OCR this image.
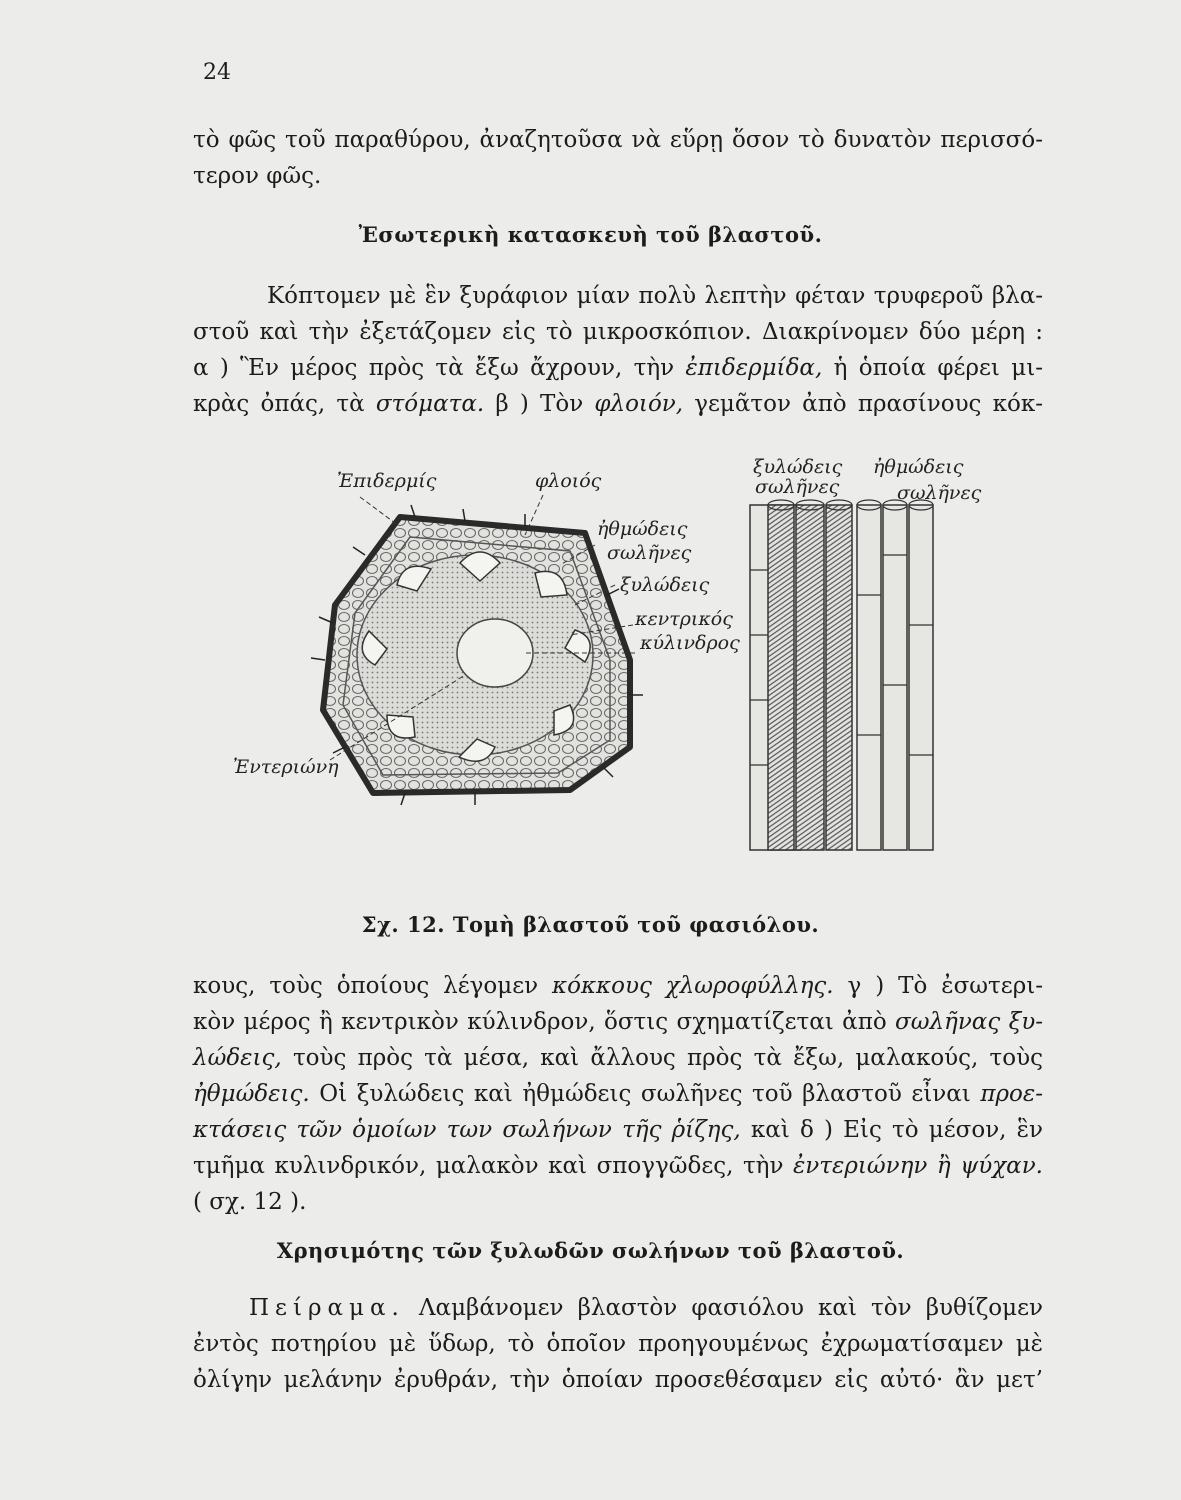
24

τὸ φῶς τοῦ παραθύρου, ἀναζητοῦσα νὰ εὕρῃ ὅσον τὸ δυνατὸν περισσό-
τερον φῶς.

Ἐσωτερικὴ κατασκευὴ τοῦ βλαστοῦ.

Κόπτομεν μὲ ἓν ξυράφιον μίαν πολὺ λεπτὴν φέταν τρυφεροῦ βλα-
στοῦ καὶ τὴν ἐξετάζομεν εἰς τὸ μικροσκόπιον. Διακρίνομεν δύο μέρη :
α ) Ἓν μέρος πρὸς τὰ ἔξω ἄχρουν, τὴν ἐπιδερμίδα, ἡ ὁποία φέρει μι-
κρὰς ὀπάς, τὰ στόματα. β ) Τὸν φλοιόν, γεμᾶτον ἀπὸ πρασίνους κόκ-

Ἐπιδερμίς	φλοιός
ἠθμώδεις
σωλῆνες
ξυλώδεις
κεντρικός
κύλινδρος
Ἐντεριώνη
ξυλώδεις
σωλῆνες
ἠθμώδεις
σωλῆνες
Σχ. 12. Τομὴ βλαστοῦ τοῦ φασιόλου.

κους, τοὺς ὁποίους λέγομεν κόκκους χλωροφύλλης. γ ) Τὸ ἐσωτερι-
κὸν μέρος ἢ κεντρικὸν κύλινδρον, ὅστις σχηματίζεται ἀπὸ σωλῆνας ξυ-
λώδεις, τοὺς πρὸς τὰ μέσα, καὶ ἄλλους πρὸς τὰ ἔξω, μαλακούς, τοὺς
ἠθμώδεις. Οἱ ξυλώδεις καὶ ἠθμώδεις σωλῆνες τοῦ βλαστοῦ εἶναι προε-
κτάσεις τῶν ὁμοίων των σωλήνων τῆς ῥίζης, καὶ δ ) Εἰς τὸ μέσον, ἓν
τμῆμα κυλινδρικόν, μαλακὸν καὶ σπογγῶδες, τὴν ἐντεριώνην ἢ ψύχαν.
( σχ. 12 ).

Χρησιμότης τῶν ξυλωδῶν σωλήνων τοῦ βλαστοῦ.

Πείραμα. Λαμβάνομεν βλαστὸν φασιόλου καὶ τὸν βυθίζομεν
ἐντὸς ποτηρίου μὲ ὕδωρ, τὸ ὁποῖον προηγουμένως ἐχρωματίσαμεν μὲ
ὀλίγην μελάνην ἐρυθράν, τὴν ὁποίαν προσεθέσαμεν εἰς αὐτό· ἂν μετ’
